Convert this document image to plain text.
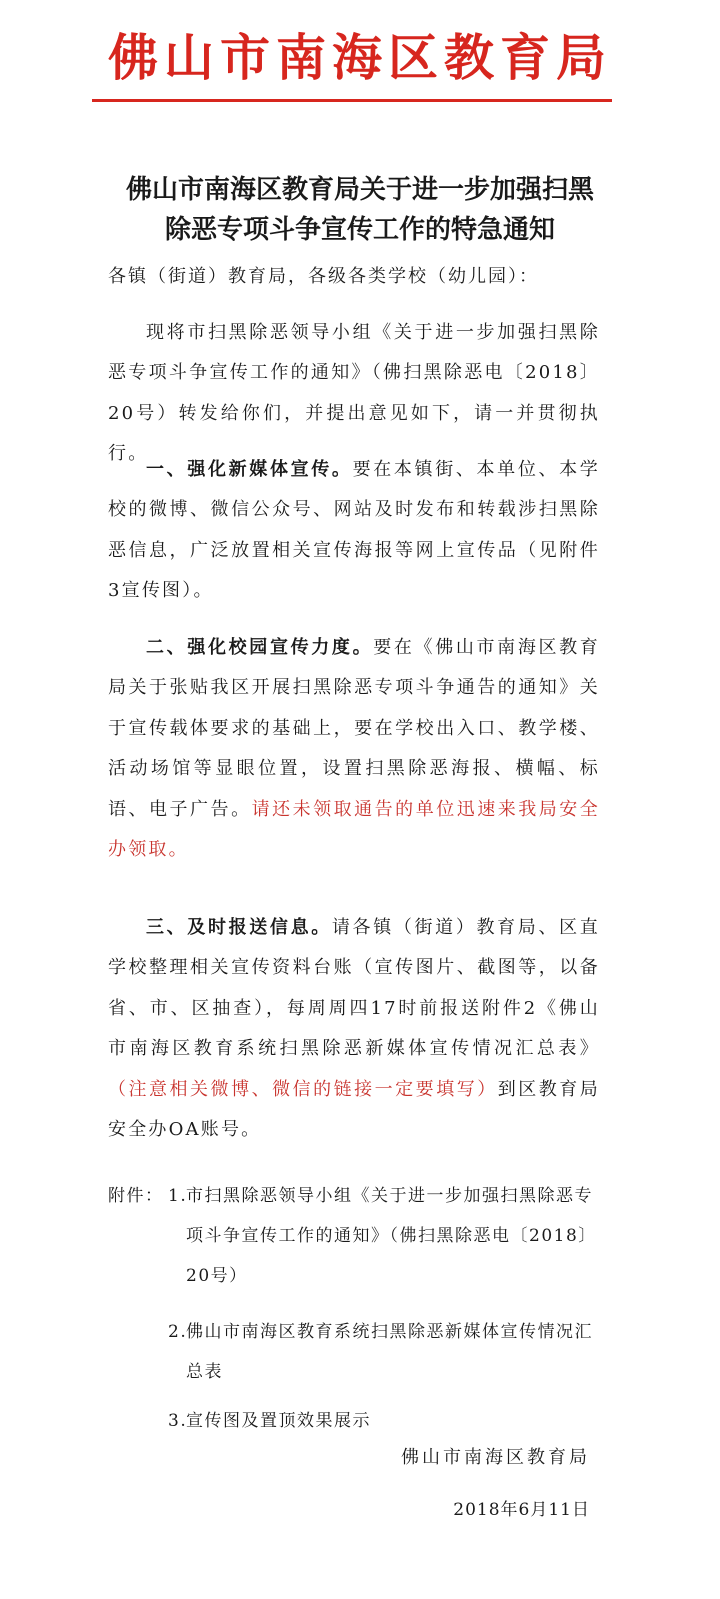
佛山市南海区教育局
佛山市南海区教育局关于进一步加强扫黑
除恶专项斗争宣传工作的特急通知
各镇（街道）教育局，各级各类学校（幼儿园）：

现将市扫黑除恶领导小组《关于进一步加强扫黑除恶专项斗争宣传工作的通知》（佛扫黑除恶电〔2018〕20号）转发给你们，并提出意见如下，请一并贯彻执行。

一、强化新媒体宣传。要在本镇街、本单位、本学校的微博、微信公众号、网站及时发布和转载涉扫黑除恶信息，广泛放置相关宣传海报等网上宣传品（见附件3宣传图）。

二、强化校园宣传力度。要在《佛山市南海区教育局关于张贴我区开展扫黑除恶专项斗争通告的通知》关于宣传载体要求的基础上，要在学校出入口、教学楼、活动场馆等显眼位置，设置扫黑除恶海报、横幅、标语、电子广告。请还未领取通告的单位迅速来我局安全办领取。

三、及时报送信息。请各镇（街道）教育局、区直学校整理相关宣传资料台账（宣传图片、截图等，以备省、市、区抽查），每周周四17时前报送附件2《佛山市南海区教育系统扫黑除恶新媒体宣传情况汇总表》（注意相关微博、微信的链接一定要填写）到区教育局安全办OA账号。

附件： 1.
市扫黑除恶领导小组《关于进一步加强扫黑除恶专项斗争宣传工作的通知》（佛扫黑除恶电〔2018〕20号）
2.
佛山市南海区教育系统扫黑除恶新媒体宣传情况汇总表
3.
宣传图及置顶效果展示
佛山市南海区教育局
2018年6月11日
